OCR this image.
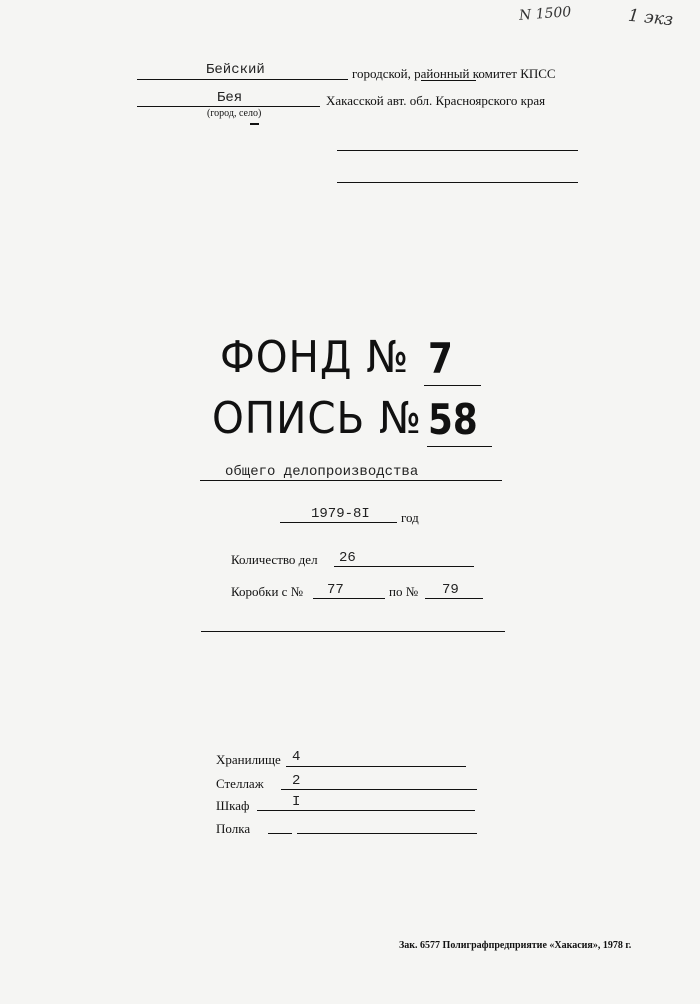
N 1500	1 экз
Бейский	городской, районный комитет КПСС
Бея	Хакасской авт. обл. Красноярского края
(город, село)
ФОНД № 7
ОПИСЬ № 58
общего делопроизводства
1979-8I год
Количество дел 26
Коробки с № 77	по № 79
Хранилище 4
Стеллаж 2
Шкаф	I
Полка
Зак. 6577 Полиграфпредприятие «Хакасия», 1978 г.
